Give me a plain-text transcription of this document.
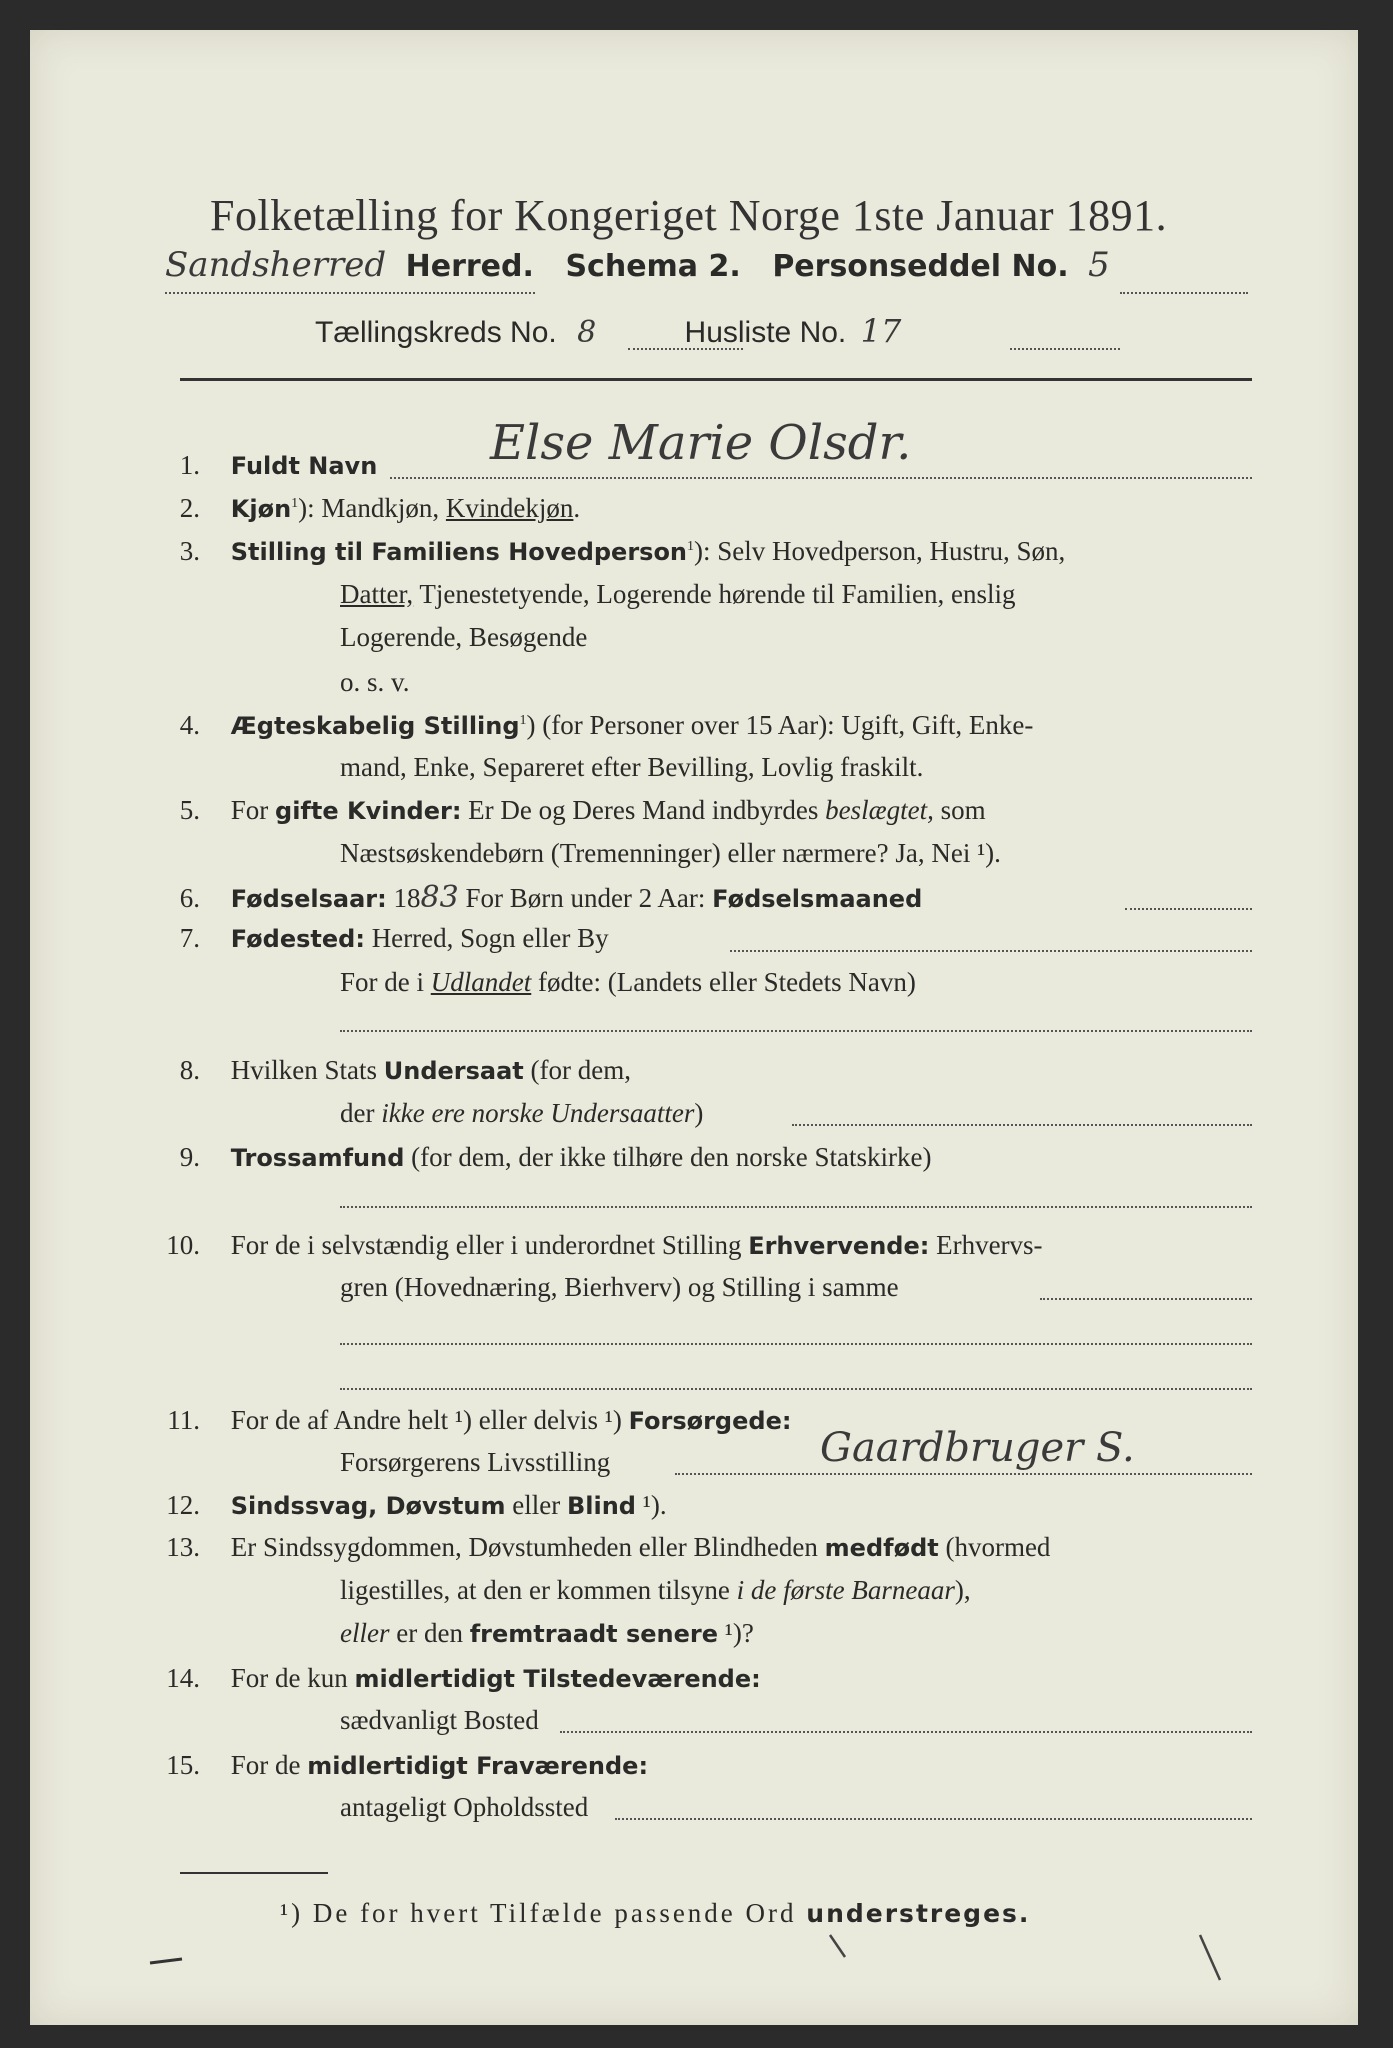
Folketælling for Kongeriget Norge 1ste Januar 1891.
Sandsherred Herred. Schema 2. Personseddel No. 5
Tællingskreds No. 8	Husliste No. 17
1. Fuldt Navn Else Marie Olsdr.
2. Kjøn$^1$): Mandkjøn, Kvindekjøn.
3. Stilling til Familiens Hovedperson$^1$): Selv Hovedperson, Hustru, Søn,
Datter, Tjenestetyende, Logerende hørende til Familien, enslig
Logerende, Besøgende
o. s. v.
4. Ægteskabelig Stilling$^1$) (for Personer over 15 Aar): Ugift, Gift, Enke-
mand, Enke, Separeret efter Bevilling, Lovlig fraskilt.
5. For gifte Kvinder: Er De og Deres Mand indbyrdes beslægtet, som
Næstsøskendebørn (Tremenninger) eller nærmere? Ja, Nei ¹).
6. Fødselsaar: 1883 For Børn under 2 Aar: Fødselsmaaned
7. Fødested: Herred, Sogn eller By
For de i Udlandet fødte: (Landets eller Stedets Navn)
8. Hvilken Stats Undersaat (for dem,
der ikke ere norske Undersaatter)
9. Trossamfund (for dem, der ikke tilhøre den norske Statskirke)
10. For de i selvstændig eller i underordnet Stilling Erhvervende: Erhvervs-
gren (Hovednæring, Bierhverv) og Stilling i samme
11. For de af Andre helt ¹) eller delvis ¹) Forsørgede:
Forsørgerens Livsstilling	Gaardbruger S.
12. Sindssvag, Døvstum eller Blind ¹).
13. Er Sindssygdommen, Døvstumheden eller Blindheden medfødt (hvormed
ligestilles, at den er kommen tilsyne i de første Barneaar),
eller er den fremtraadt senere ¹)?
14. For de kun midlertidigt Tilstedeværende:
sædvanligt Bosted
15. For de midlertidigt Fraværende:
antageligt Opholdssted
¹) De for hvert Tilfælde passende Ord understreges.
